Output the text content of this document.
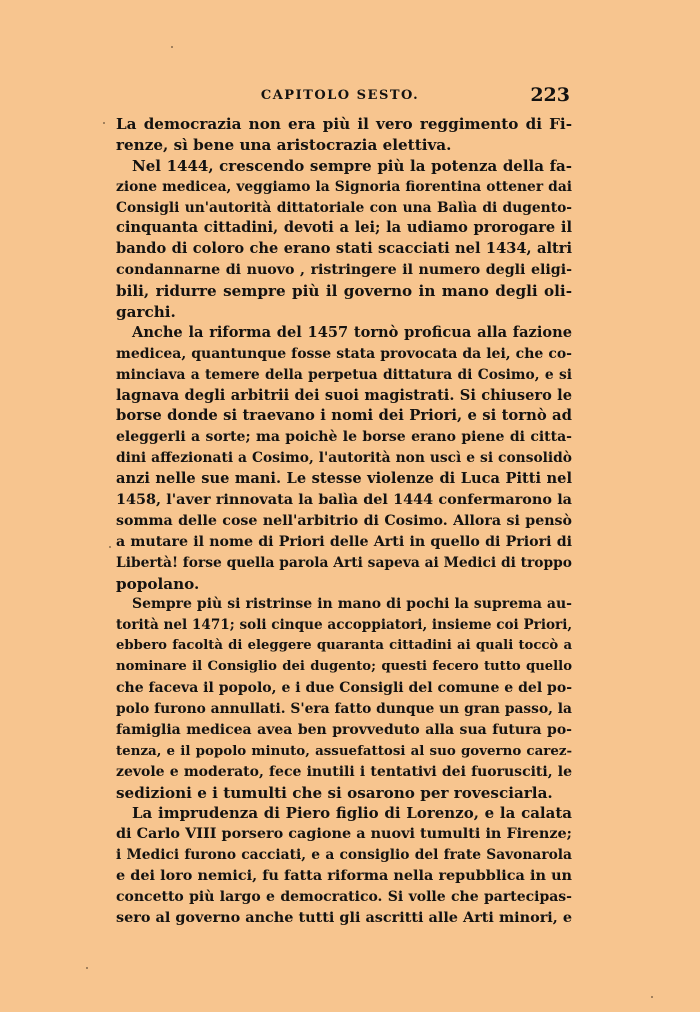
CAPITOLO SESTO.	223
La democrazia non era più il vero reggimento di Fi-
renze, sì bene una aristocrazia elettiva.
Nel 1444, crescendo sempre più la potenza della fa-
zione medicea, veggiamo la Signoria fiorentina ottener dai
Consigli un'autorità dittatoriale con una Balìa di dugento-
cinquanta cittadini, devoti a lei; la udiamo prorogare il
bando di coloro che erano stati scacciati nel 1434, altri
condannarne di nuovo , ristringere il numero degli eligi-
bili, ridurre sempre più il governo in mano degli oli-
garchi.
Anche la riforma del 1457 tornò proficua alla fazione
medicea, quantunque fosse stata provocata da lei, che co-
minciava a temere della perpetua dittatura di Cosimo, e si
lagnava degli arbitrii dei suoi magistrati. Si chiusero le
borse donde si traevano i nomi dei Priori, e si tornò ad
eleggerli a sorte; ma poichè le borse erano piene di citta-
dini affezionati a Cosimo, l'autorità non uscì e si consolidò
anzi nelle sue mani. Le stesse violenze di Luca Pitti nel
1458, l'aver rinnovata la balìa del 1444 confermarono la
somma delle cose nell'arbitrio di Cosimo. Allora si pensò
a mutare il nome di Priori delle Arti in quello di Priori di
Libertà! forse quella parola Arti sapeva ai Medici di troppo
popolano.
Sempre più si ristrinse in mano di pochi la suprema au-
torità nel 1471; soli cinque accoppiatori, insieme coi Priori,
ebbero facoltà di eleggere quaranta cittadini ai quali toccò a
nominare il Consiglio dei dugento; questi fecero tutto quello
che faceva il popolo, e i due Consigli del comune e del po-
polo furono annullati. S'era fatto dunque un gran passo, la
famiglia medicea avea ben provveduto alla sua futura po-
tenza, e il popolo minuto, assuefattosi al suo governo carez-
zevole e moderato, fece inutili i tentativi dei fuorusciti, le
sedizioni e i tumulti che si osarono per rovesciarla.
La imprudenza di Piero figlio di Lorenzo, e la calata
di Carlo VIII porsero cagione a nuovi tumulti in Firenze;
i Medici furono cacciati, e a consiglio del frate Savonarola
e dei loro nemici, fu fatta riforma nella repubblica in un
concetto più largo e democratico. Si volle che partecipas-
sero al governo anche tutti gli ascritti alle Arti minori, e
